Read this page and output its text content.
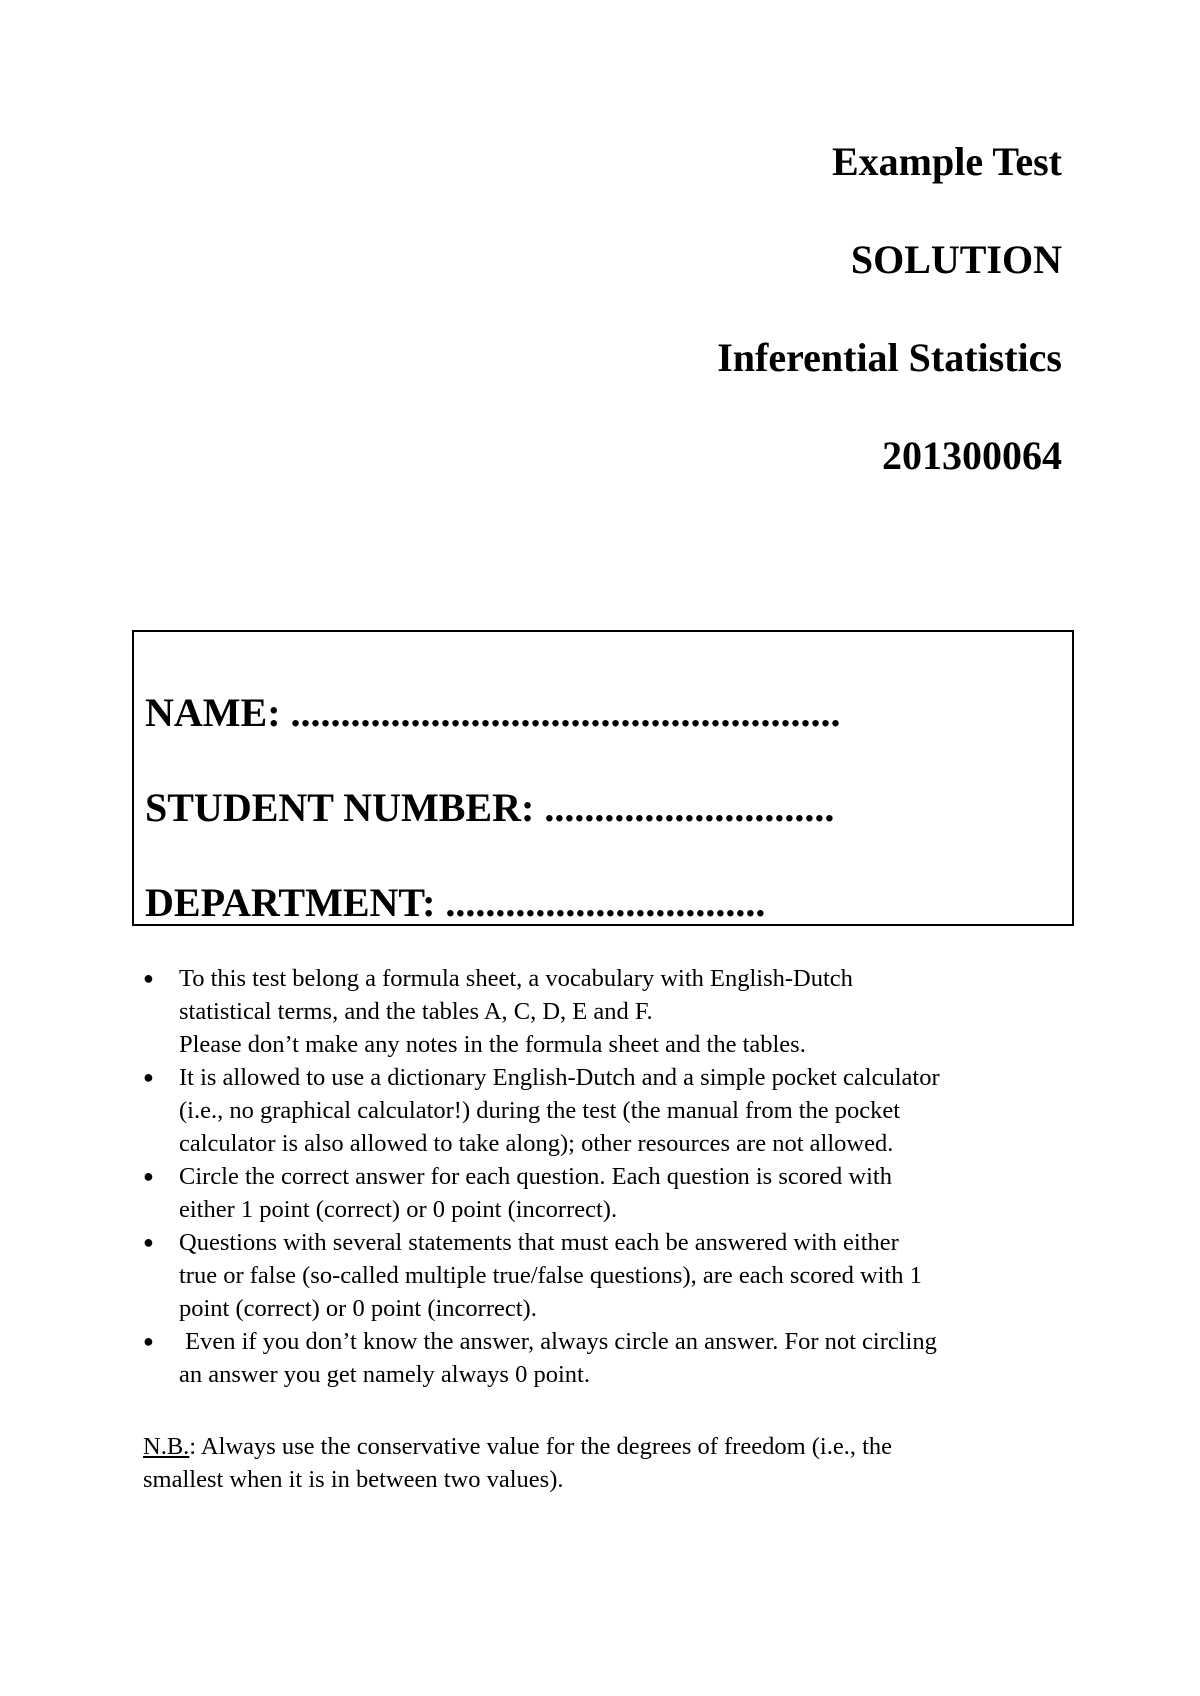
Example Test
SOLUTION
Inferential Statistics
201300064
NAME: .......................................................
STUDENT NUMBER: .............................
DEPARTMENT: ................................
● To this test belong a formula sheet, a vocabulary with English-Dutch
statistical terms, and the tables A, C, D, E and F.
Please don’t make any notes in the formula sheet and the tables.
● It is allowed to use a dictionary English-Dutch and a simple pocket calculator
(i.e., no graphical calculator!) during the test (the manual from the pocket
calculator is also allowed to take along); other resources are not allowed.
● Circle the correct answer for each question. Each question is scored with
either 1 point (correct) or 0 point (incorrect).
● Questions with several statements that must each be answered with either
true or false (so-called multiple true/false questions), are each scored with 1
point (correct) or 0 point (incorrect).
● Even if you don’t know the answer, always circle an answer. For not circling
an answer you get namely always 0 point.
N.B.: Always use the conservative value for the degrees of freedom (i.e., the
smallest when it is in between two values).
